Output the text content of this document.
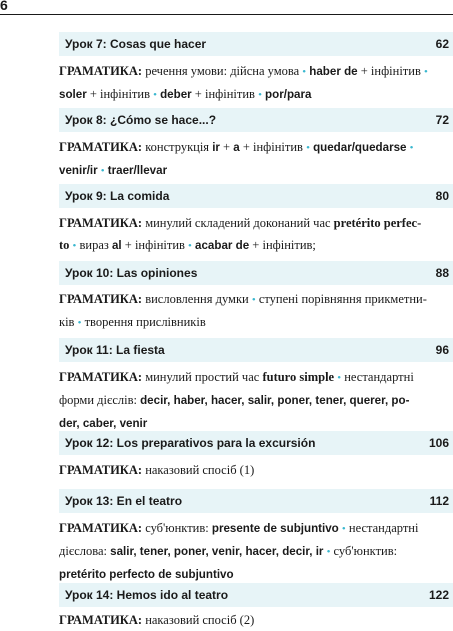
6
Урок 7: Cosas que hacer	62
ГРАМАТИКА: речення умови: дійсна умова • haber de + інфінітив •
soler + інфінітив • deber + інфінітив • por/para
Урок 8: ¿Cómo se hace...?	72
ГРАМАТИКА: конструкція ir + a + інфінітив • quedar/quedarse •
venir/ir • traer/llevar
Урок 9: La comida	80
ГРАМАТИКА: минулий складений доконаний час pretérito perfec-
to • вираз al + інфінітив • acabar de + інфінітив;
Урок 10: Las opiniones	88
ГРАМАТИКА: висловлення думки • ступені порівняння прикметни-
ків • творення прислівників
Урок 11: La fiesta	96
ГРАМАТИКА: минулий простий час futuro simple • нестандартні
форми дієслів: decir, haber, hacer, salir, poner, tener, querer, po-
der, caber, venir
Урок 12: Los preparativos para la excursión	106
ГРАМАТИКА: наказовий спосіб (1)
Урок 13: En el teatro	112
ГРАМАТИКА: суб'юнктив: presente de subjuntivo • нестандартні
дієслова: salir, tener, poner, venir, hacer, decir, ir • суб'юнктив:
pretérito perfecto de subjuntivo
Урок 14: Hemos ido al teatro	122
ГРАМАТИКА: наказовий спосіб (2)
